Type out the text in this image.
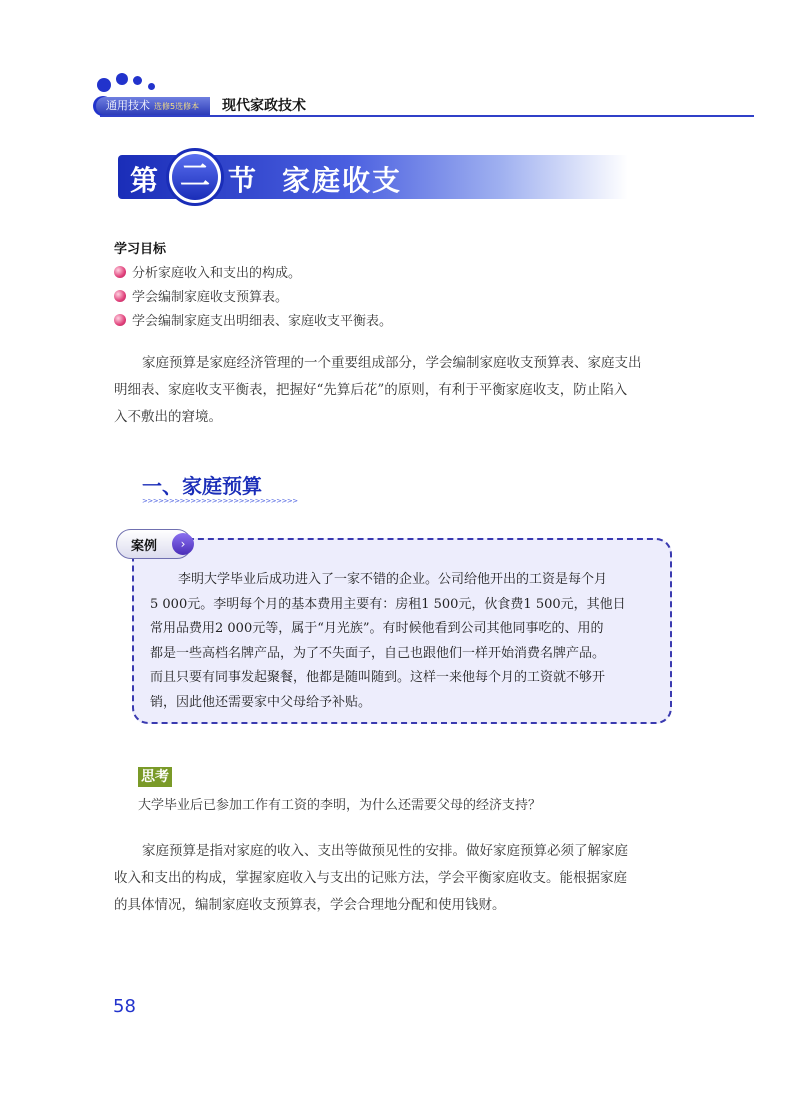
通用技术 选修5选修本	现代家政技术
第 二 节 家庭收支
学习目标
分析家庭收入和支出的构成。
学会编制家庭收支预算表。
学会编制家庭支出明细表、家庭收支平衡表。
家庭预算是家庭经济管理的一个重要组成部分，学会编制家庭收支预算表、家庭支出
明细表、家庭收支平衡表，把握好“先算后花”的原则，有利于平衡家庭收支，防止陷入
入不敷出的窘境。
一、家庭预算
>>>>>>>>>>>>>>>>>>>>>>>>>>>>>
案例	›
李明大学毕业后成功进入了一家不错的企业。公司给他开出的工资是每个月
5 000元。李明每个月的基本费用主要有：房租1 500元，伙食费1 500元，其他日
常用品费用2 000元等，属于“月光族”。有时候他看到公司其他同事吃的、用的
都是一些高档名牌产品，为了不失面子，自己也跟他们一样开始消费名牌产品。
而且只要有同事发起聚餐，他都是随叫随到。这样一来他每个月的工资就不够开
销，因此他还需要家中父母给予补贴。
思考
大学毕业后已参加工作有工资的李明，为什么还需要父母的经济支持？
家庭预算是指对家庭的收入、支出等做预见性的安排。做好家庭预算必须了解家庭
收入和支出的构成，掌握家庭收入与支出的记账方法，学会平衡家庭收支。能根据家庭
的具体情况，编制家庭收支预算表，学会合理地分配和使用钱财。
58
